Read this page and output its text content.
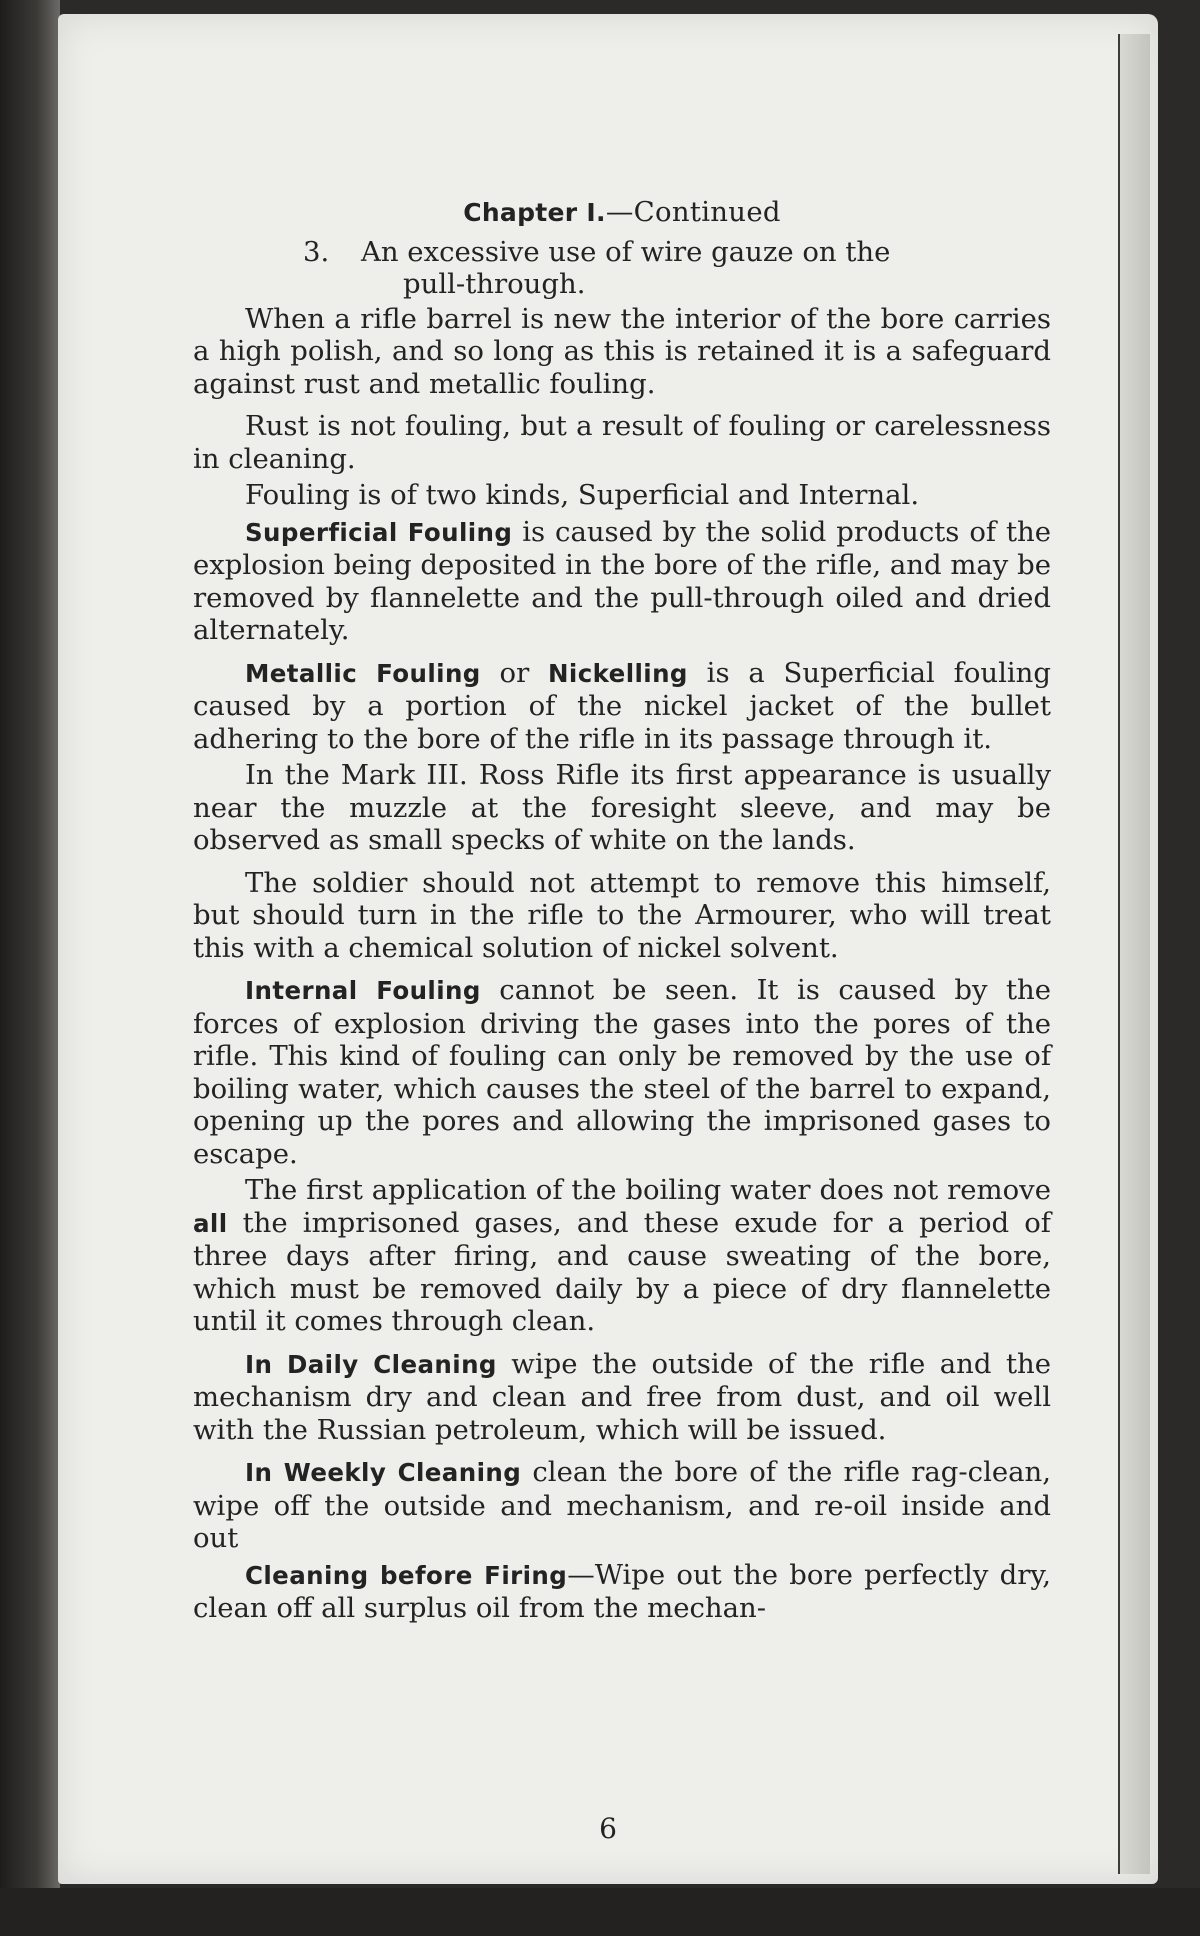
Chapter I.—Continued
3. An excessive use of wire gauze on the
pull-through.

When a rifle barrel is new the interior of the bore carries a high polish, and so long as this is retained it is a safeguard against rust and metallic fouling.

Rust is not fouling, but a result of fouling or carelessness in cleaning.

Fouling is of two kinds, Superficial and Internal.

Superficial Fouling is caused by the solid products of the explosion being deposited in the bore of the rifle, and may be removed by flannelette and the pull-through oiled and dried alternately.

Metallic Fouling or Nickelling is a Superficial fouling caused by a portion of the nickel jacket of the bullet adhering to the bore of the rifle in its passage through it.

In the Mark III. Ross Rifle its first appearance is usually near the muzzle at the foresight sleeve, and may be observed as small specks of white on the lands.

The soldier should not attempt to remove this himself, but should turn in the rifle to the Armourer, who will treat this with a chemical solution of nickel solvent.

Internal Fouling cannot be seen. It is caused by the forces of explosion driving the gases into the pores of the rifle. This kind of fouling can only be removed by the use of boiling water, which causes the steel of the barrel to expand, opening up the pores and allowing the imprisoned gases to escape.

The first application of the boiling water does not remove all the imprisoned gases, and these exude for a period of three days after firing, and cause sweating of the bore, which must be removed daily by a piece of dry flannelette until it comes through clean.

In Daily Cleaning wipe the outside of the rifle and the mechanism dry and clean and free from dust, and oil well with the Russian petroleum, which will be issued.

In Weekly Cleaning clean the bore of the rifle rag-clean, wipe off the outside and mechanism, and re-oil inside and out

Cleaning before Firing—Wipe out the bore perfectly dry, clean off all surplus oil from the mechan-

6
